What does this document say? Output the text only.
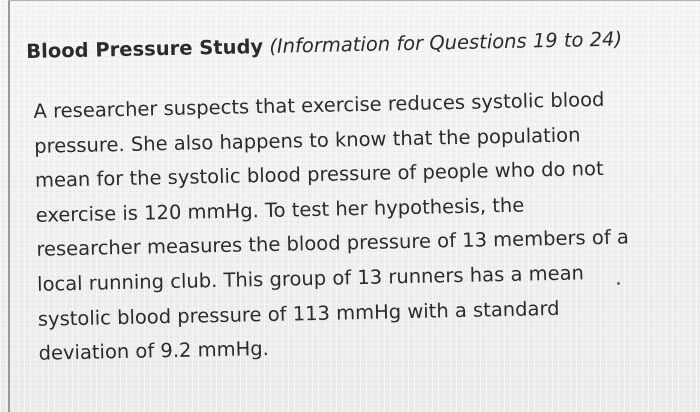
Blood Pressure Study (Information for Questions 19 to 24)
A researcher suspects that exercise reduces systolic blood
pressure. She also happens to know that the population
mean for the systolic blood pressure of people who do not
exercise is 120 mmHg. To test her hypothesis, the
researcher measures the blood pressure of 13 members of a
local running club. This group of 13 runners has a mean
systolic blood pressure of 113 mmHg with a standard
deviation of 9.2 mmHg.
